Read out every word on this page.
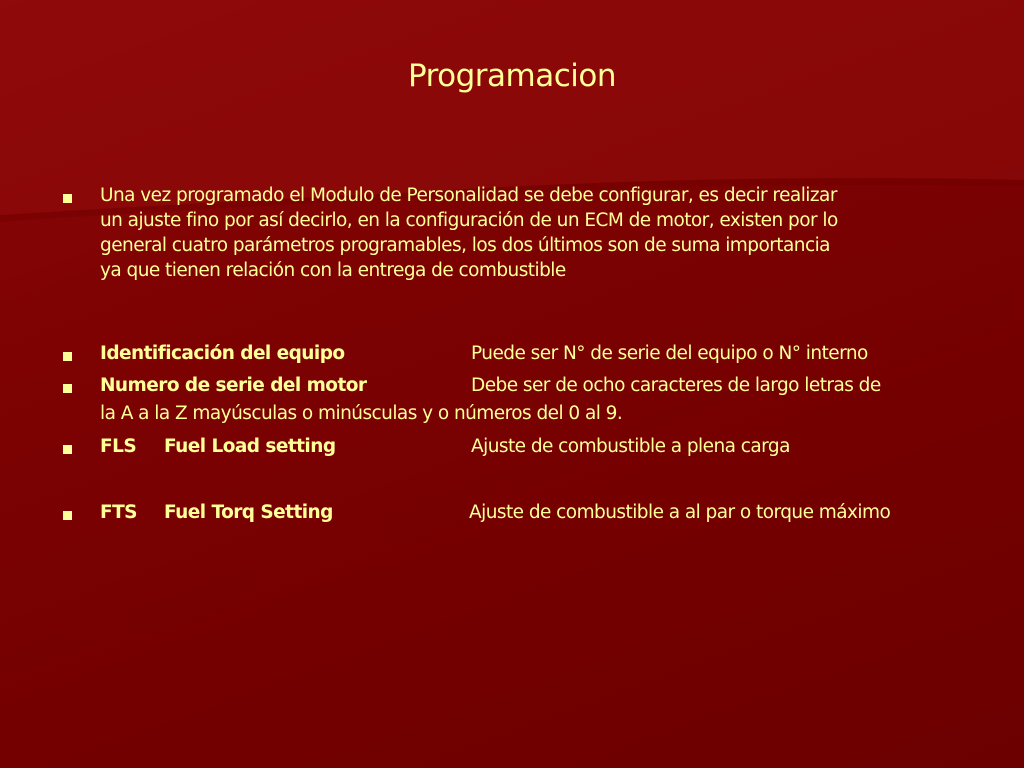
Programacion
Una vez programado el Modulo de Personalidad se debe configurar, es decir realizar
un ajuste fino por así decirlo, en la configuración de un ECM de motor, existen por lo
general cuatro parámetros programables, los dos últimos son de suma importancia
ya que tienen relación con la entrega de combustible
Identificación del equipo	Puede ser N° de serie del equipo o N° interno
Numero de serie del motor	Debe ser de ocho caracteres de largo letras de
la A a la Z mayúsculas o minúsculas y o números del 0 al 9.
FLS Fuel Load setting	Ajuste de combustible a plena carga
FTS Fuel Torq Setting	Ajuste de combustible a al par o torque máximo
